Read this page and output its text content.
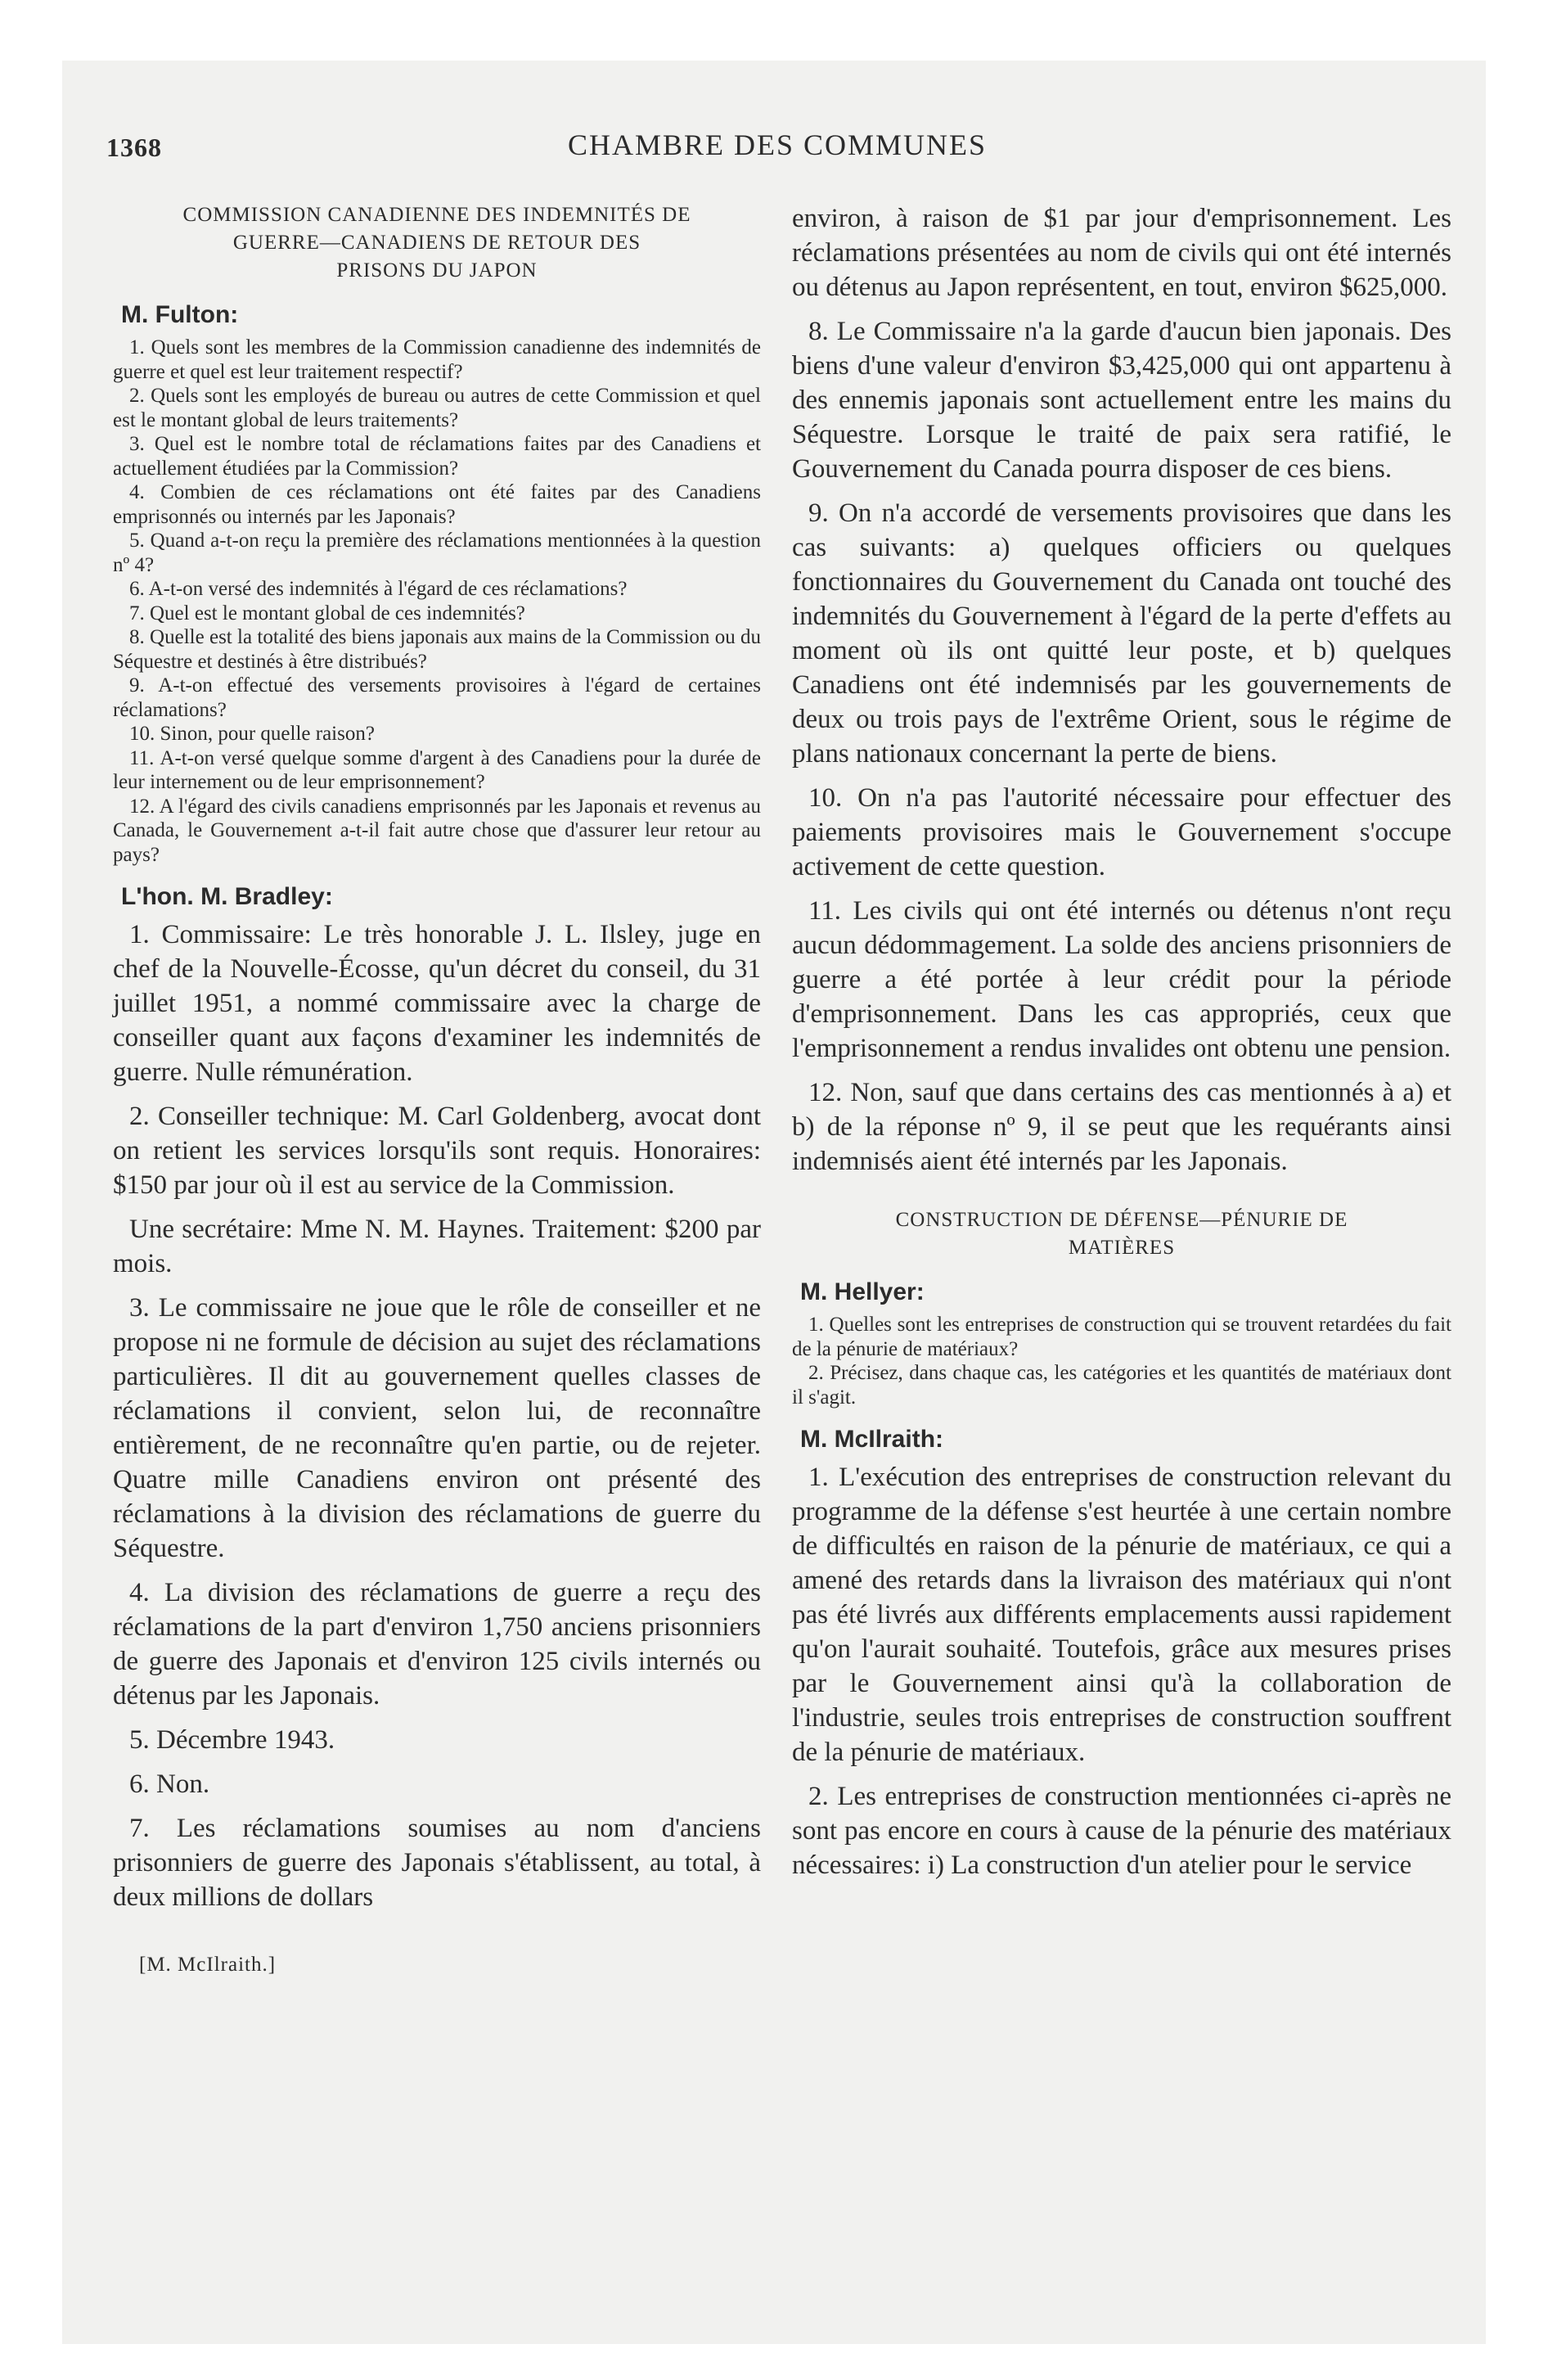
1368	CHAMBRE DES COMMUNES

COMMISSION CANADIENNE DES INDEMNITÉS DE

GUERRE—CANADIENS DE RETOUR DES

PRISONS DU JAPON

M. Fulton:

1. Quels sont les membres de la Commission canadienne des indemnités de guerre et quel est leur traitement respectif?

2. Quels sont les employés de bureau ou autres de cette Commission et quel est le montant global de leurs traitements?

3. Quel est le nombre total de réclamations faites par des Canadiens et actuellement étudiées par la Commission?

4. Combien de ces réclamations ont été faites par des Canadiens emprisonnés ou internés par les Japonais?

5. Quand a-t-on reçu la première des réclamations mentionnées à la question nº 4?

6. A-t-on versé des indemnités à l'égard de ces réclamations?

7. Quel est le montant global de ces indemnités?

8. Quelle est la totalité des biens japonais aux mains de la Commission ou du Séquestre et destinés à être distribués?

9. A-t-on effectué des versements provisoires à l'égard de certaines réclamations?

10. Sinon, pour quelle raison?

11. A-t-on versé quelque somme d'argent à des Canadiens pour la durée de leur internement ou de leur emprisonnement?

12. A l'égard des civils canadiens emprisonnés par les Japonais et revenus au Canada, le Gouvernement a-t-il fait autre chose que d'assurer leur retour au pays?

L'hon. M. Bradley:

1. Commissaire: Le très honorable J. L. Ilsley, juge en chef de la Nouvelle-Écosse, qu'un décret du conseil, du 31 juillet 1951, a nommé commissaire avec la charge de conseiller quant aux façons d'examiner les indemnités de guerre. Nulle rémunération.

2. Conseiller technique: M. Carl Goldenberg, avocat dont on retient les services lorsqu'ils sont requis. Honoraires: $150 par jour où il est au service de la Commission.

Une secrétaire: Mme N. M. Haynes. Traitement: $200 par mois.

3. Le commissaire ne joue que le rôle de conseiller et ne propose ni ne formule de décision au sujet des réclamations particulières. Il dit au gouvernement quelles classes de réclamations il convient, selon lui, de reconnaître entièrement, de ne reconnaître qu'en partie, ou de rejeter. Quatre mille Canadiens environ ont présenté des réclamations à la division des réclamations de guerre du Séquestre.

4. La division des réclamations de guerre a reçu des réclamations de la part d'environ 1,750 anciens prisonniers de guerre des Japonais et d'environ 125 civils internés ou détenus par les Japonais.

5. Décembre 1943.

6. Non.

7. Les réclamations soumises au nom d'anciens prisonniers de guerre des Japonais s'établissent, au total, à deux millions de dollars

[M. McIlraith.]

environ, à raison de $1 par jour d'emprisonnement. Les réclamations présentées au nom de civils qui ont été internés ou détenus au Japon représentent, en tout, environ $625,000.

8. Le Commissaire n'a la garde d'aucun bien japonais. Des biens d'une valeur d'environ $3,425,000 qui ont appartenu à des ennemis japonais sont actuellement entre les mains du Séquestre. Lorsque le traité de paix sera ratifié, le Gouvernement du Canada pourra disposer de ces biens.

9. On n'a accordé de versements provisoires que dans les cas suivants: a) quelques officiers ou quelques fonctionnaires du Gouvernement du Canada ont touché des indemnités du Gouvernement à l'égard de la perte d'effets au moment où ils ont quitté leur poste, et b) quelques Canadiens ont été indemnisés par les gouvernements de deux ou trois pays de l'extrême Orient, sous le régime de plans nationaux concernant la perte de biens.

10. On n'a pas l'autorité nécessaire pour effectuer des paiements provisoires mais le Gouvernement s'occupe activement de cette question.

11. Les civils qui ont été internés ou détenus n'ont reçu aucun dédommagement. La solde des anciens prisonniers de guerre a été portée à leur crédit pour la période d'emprisonnement. Dans les cas appropriés, ceux que l'emprisonnement a rendus invalides ont obtenu une pension.

12. Non, sauf que dans certains des cas mentionnés à a) et b) de la réponse nº 9, il se peut que les requérants ainsi indemnisés aient été internés par les Japonais.

CONSTRUCTION DE DÉFENSE—PÉNURIE DE

MATIÈRES

M. Hellyer:

1. Quelles sont les entreprises de construction qui se trouvent retardées du fait de la pénurie de matériaux?

2. Précisez, dans chaque cas, les catégories et les quantités de matériaux dont il s'agit.

M. McIlraith:

1. L'exécution des entreprises de construction relevant du programme de la défense s'est heurtée à une certain nombre de difficultés en raison de la pénurie de matériaux, ce qui a amené des retards dans la livraison des matériaux qui n'ont pas été livrés aux différents emplacements aussi rapidement qu'on l'aurait souhaité. Toutefois, grâce aux mesures prises par le Gouvernement ainsi qu'à la collaboration de l'industrie, seules trois entreprises de construction souffrent de la pénurie de matériaux.

2. Les entreprises de construction mentionnées ci-après ne sont pas encore en cours à cause de la pénurie des matériaux nécessaires: i) La construction d'un atelier pour le service
